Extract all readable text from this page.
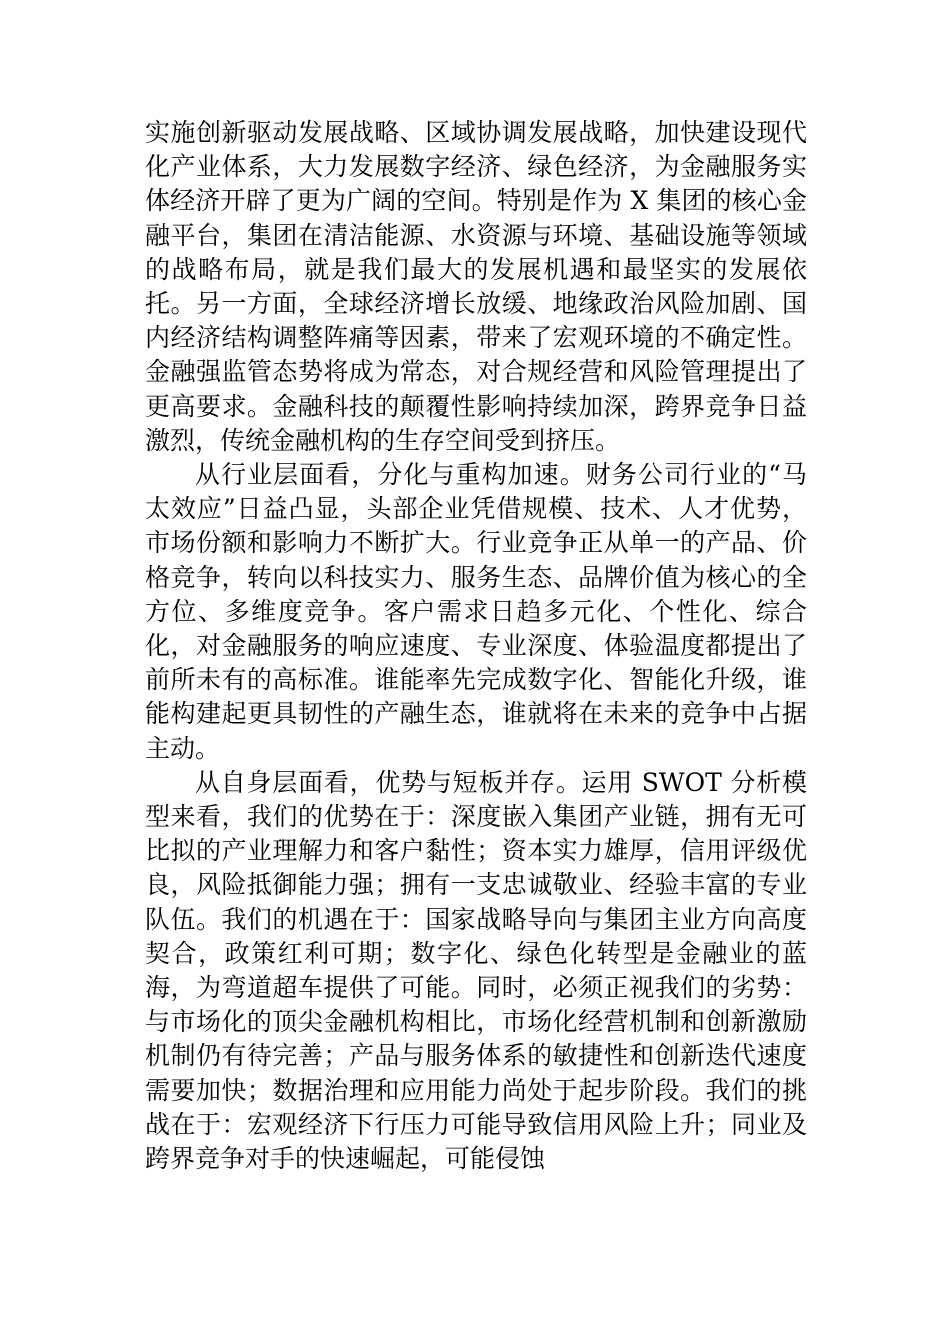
实施创新驱动发展战略、区域协调发展战略，加快建设现代化产业体系，大力发展数字经济、绿色经济，为金融服务实体经济开辟了更为广阔的空间。特别是作为 X 集团的核心金融平台，集团在清洁能源、水资源与环境、基础设施等领域的战略布局，就是我们最大的发展机遇和最坚实的发展依托。另一方面，全球经济增长放缓、地缘政治风险加剧、国内经济结构调整阵痛等因素，带来了宏观环境的不确定性。金融强监管态势将成为常态，对合规经营和风险管理提出了更高要求。金融科技的颠覆性影响持续加深，跨界竞争日益激烈，传统金融机构的生存空间受到挤压。

从行业层面看，分化与重构加速。财务公司行业的“马太效应”日益凸显，头部企业凭借规模、技术、人才优势，市场份额和影响力不断扩大。行业竞争正从单一的产品、价格竞争，转向以科技实力、服务生态、品牌价值为核心的全方位、多维度竞争。客户需求日趋多元化、个性化、综合化，对金融服务的响应速度、专业深度、体验温度都提出了前所未有的高标准。谁能率先完成数字化、智能化升级，谁能构建起更具韧性的产融生态，谁就将在未来的竞争中占据主动。

从自身层面看，优势与短板并存。运用 SWOT 分析模型来看，我们的优势在于：深度嵌入集团产业链，拥有无可比拟的产业理解力和客户黏性；资本实力雄厚，信用评级优良，风险抵御能力强；拥有一支忠诚敬业、经验丰富的专业队伍。我们的机遇在于：国家战略导向与集团主业方向高度契合，政策红利可期；数字化、绿色化转型是金融业的蓝海，为弯道超车提供了可能。同时，必须正视我们的劣势：与市场化的顶尖金融机构相比，市场化经营机制和创新激励机制仍有待完善；产品与服务体系的敏捷性和创新迭代速度需要加快；数据治理和应用能力尚处于起步阶段。我们的挑战在于：宏观经济下行压力可能导致信用风险上升；同业及跨界竞争对手的快速崛起，可能侵蚀
